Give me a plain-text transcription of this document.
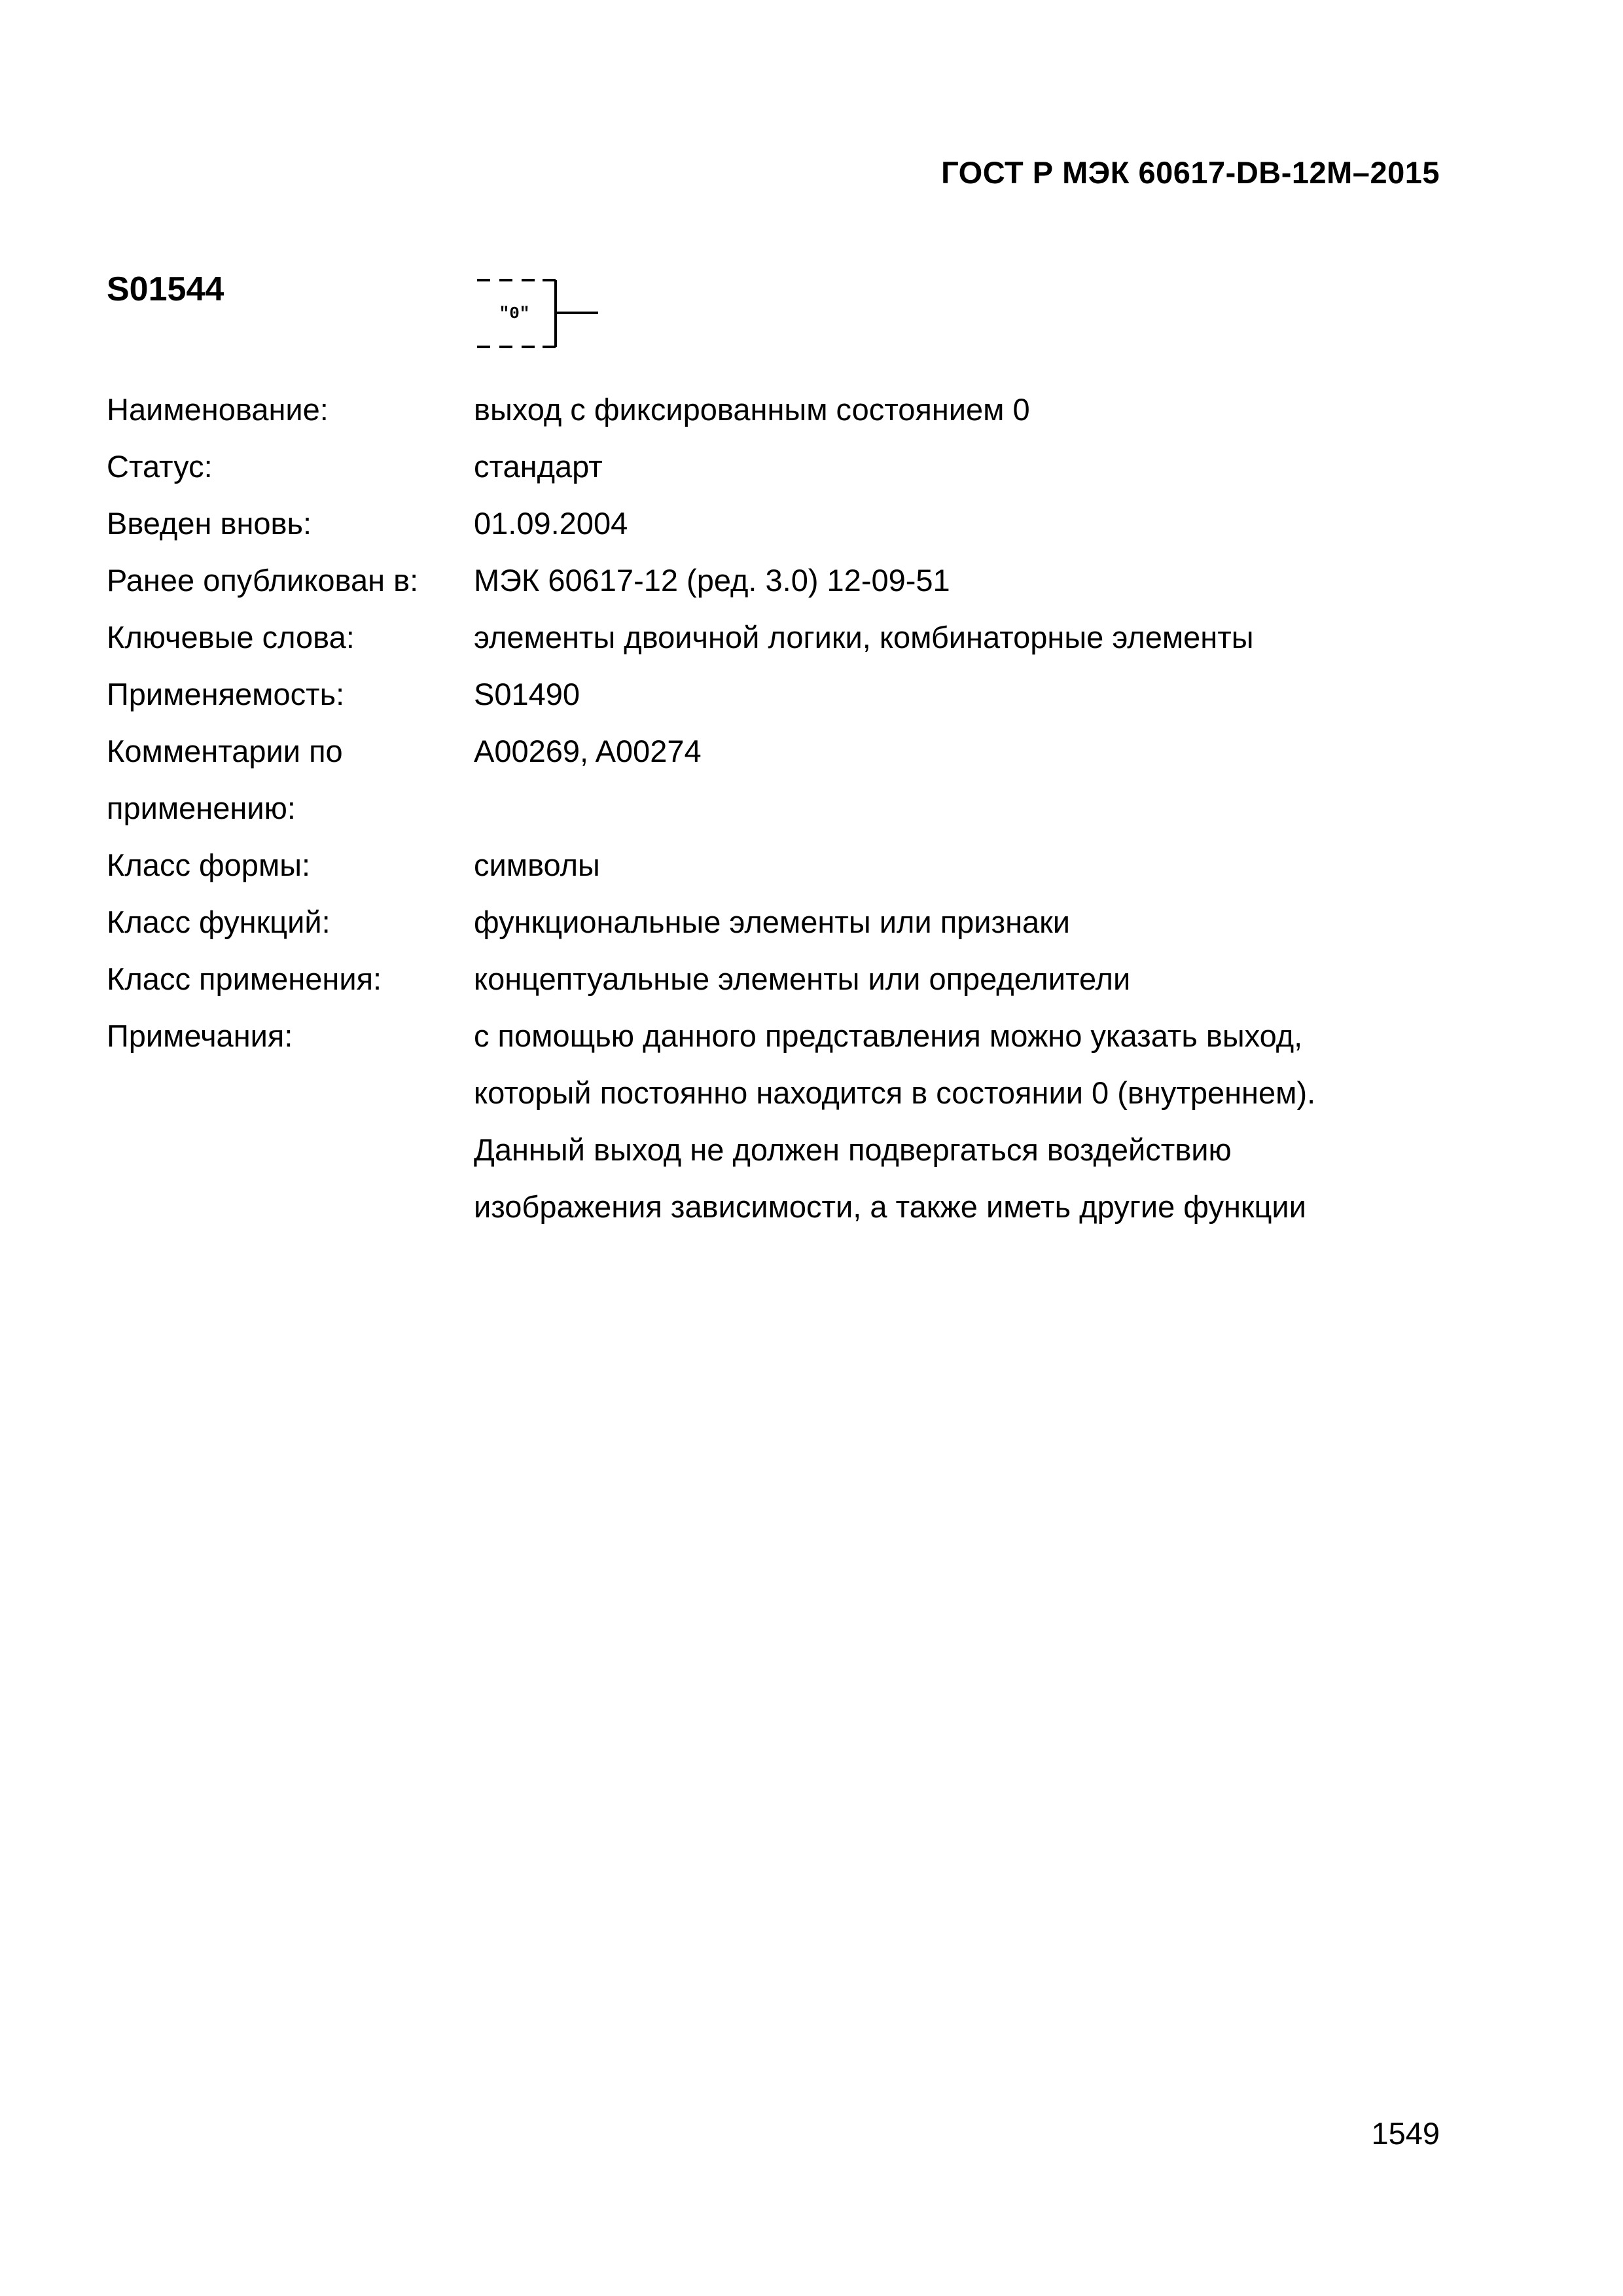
ГОСТ Р МЭК 60617-DB-12M–2015
S01544
"0"
Наименование:	выход с фиксированным состоянием 0
Статус:	стандарт
Введен вновь:	01.09.2004
Ранее опубликован в:	МЭК 60617-12 (ред. 3.0) 12-09-51
Ключевые слова:	элементы двоичной логики, комбинаторные элементы
Применяемость:	S01490
Комментарии по применению:
A00269, A00274
Класс формы:	символы
Класс функций:	функциональные элементы или признаки
Класс применения:	концептуальные элементы или определители
Примечания:	с помощью данного представления можно указать выход,
который постоянно находится в состоянии 0 (внутреннем).
Данный выход не должен подвергаться воздействию
изображения зависимости, а также иметь другие функции
1549
